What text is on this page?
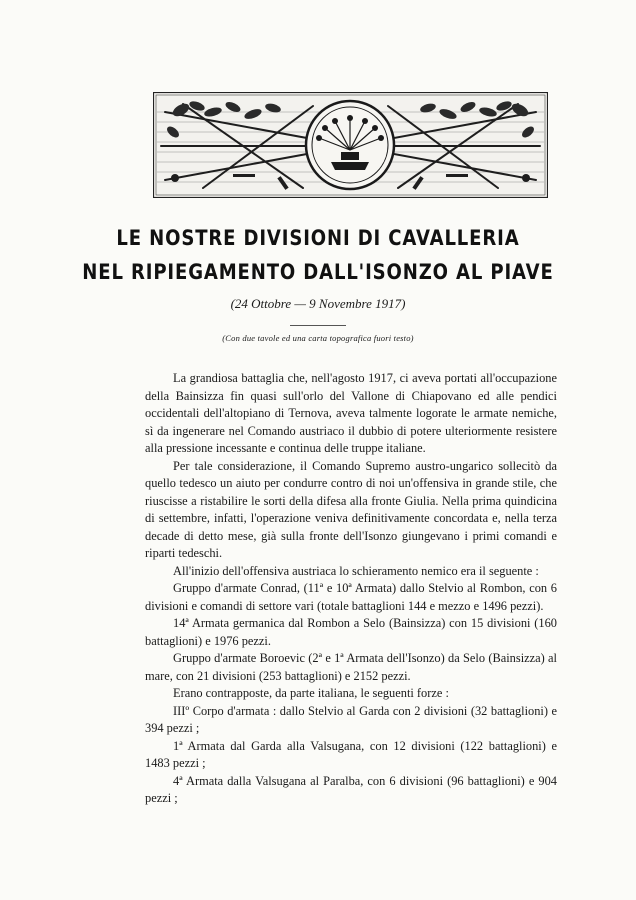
LE NOSTRE DIVISIONI DI CAVALLERIA
NEL RIPIEGAMENTO DALL'ISONZO AL PIAVE
(24 Ottobre — 9 Novembre 1917)
(Con due tavole ed una carta topografica fuori testo)

La grandiosa battaglia che, nell'agosto 1917, ci aveva portati all'occupazione della Bainsizza fin quasi sull'orlo del Vallone di Chiapovano ed alle pendici occidentali dell'altopiano di Ternova, aveva talmente logorate le armate nemiche, sì da ingenerare nel Comando austriaco il dubbio di potere ulteriormente resistere alla pressione incessante e continua delle truppe italiane.

Per tale considerazione, il Comando Supremo austro-ungarico sollecitò da quello tedesco un aiuto per condurre contro di noi un'offensiva in grande stile, che riuscisse a ristabilire le sorti della difesa alla fronte Giulia. Nella prima quindicina di settembre, infatti, l'operazione veniva definitivamente concordata e, nella terza decade di detto mese, già sulla fronte dell'Isonzo giungevano i primi comandi e riparti tedeschi.

All'inizio dell'offensiva austriaca lo schieramento nemico era il seguente :

Gruppo d'armate Conrad, (11ª e 10ª Armata) dallo Stelvio al Rombon, con 6 divisioni e comandi di settore vari (totale battaglioni 144 e mezzo e 1496 pezzi).

14ª Armata germanica dal Rombon a Selo (Bainsizza) con 15 divisioni (160 battaglioni) e 1976 pezzi.

Gruppo d'armate Boroevic (2ª e 1ª Armata dell'Isonzo) da Selo (Bainsizza) al mare, con 21 divisioni (253 battaglioni) e 2152 pezzi.

Erano contrapposte, da parte italiana, le seguenti forze :

IIIº Corpo d'armata : dallo Stelvio al Garda con 2 divisioni (32 battaglioni) e 394 pezzi ;

1ª Armata dal Garda alla Valsugana, con 12 divisioni (122 battaglioni) e 1483 pezzi ;

4ª Armata dalla Valsugana al Paralba, con 6 divisioni (96 battaglioni) e 904 pezzi ;
